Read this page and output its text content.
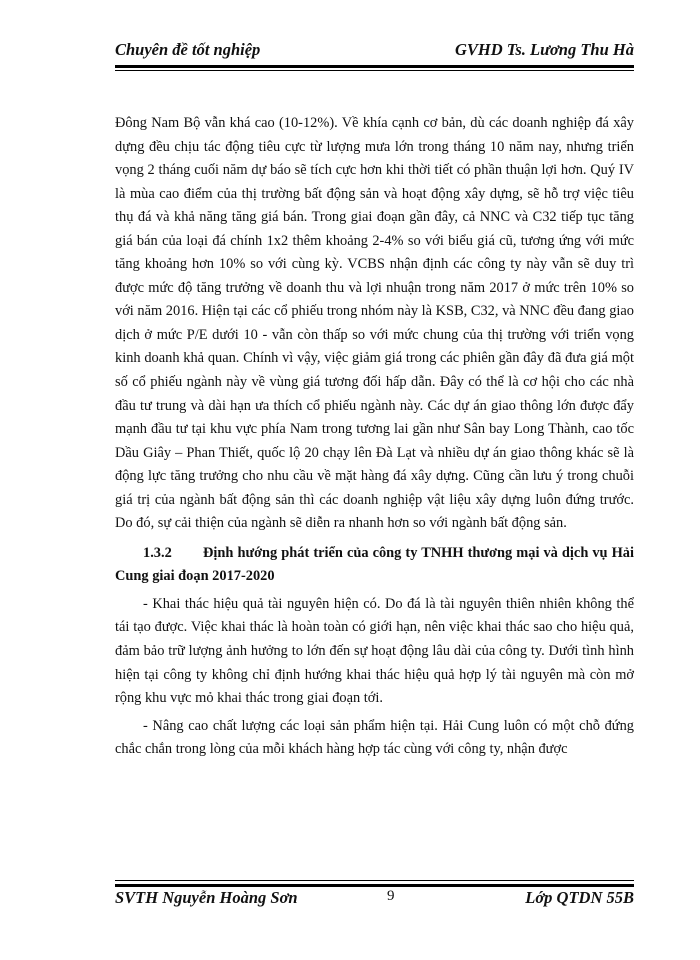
Chuyên đề tốt nghiệp	GVHD Ts. Lương Thu Hà

Đông Nam Bộ vẫn khá cao (10-12%). Về khía cạnh cơ bản, dù các doanh nghiệp đá xây dựng đều chịu tác động tiêu cực từ lượng mưa lớn trong tháng 10 năm nay, nhưng triển vọng 2 tháng cuối năm dự báo sẽ tích cực hơn khi thời tiết có phần thuận lợi hơn. Quý IV là mùa cao điểm của thị trường bất động sản và hoạt động xây dựng, sẽ hỗ trợ việc tiêu thụ đá và khả năng tăng giá bán. Trong giai đoạn gần đây, cả NNC và C32 tiếp tục tăng giá bán của loại đá chính 1x2 thêm khoảng 2-4% so với biểu giá cũ, tương ứng với mức tăng khoảng hơn 10% so với cùng kỳ. VCBS nhận định các công ty này vẫn sẽ duy trì được mức độ tăng trưởng về doanh thu và lợi nhuận trong năm 2017 ở mức trên 10% so với năm 2016. Hiện tại các cổ phiếu trong nhóm này là KSB, C32, và NNC đều đang giao dịch ở mức P/E dưới 10 - vẫn còn thấp so với mức chung của thị trường với triển vọng kinh doanh khả quan. Chính vì vậy, việc giảm giá trong các phiên gần đây đã đưa giá một số cổ phiếu ngành này về vùng giá tương đối hấp dẫn. Đây có thể là cơ hội cho các nhà đầu tư trung và dài hạn ưa thích cổ phiếu ngành này. Các dự án giao thông lớn được đẩy mạnh đầu tư tại khu vực phía Nam trong tương lai gần như Sân bay Long Thành, cao tốc Dầu Giây – Phan Thiết, quốc lộ 20 chạy lên Đà Lạt và nhiều dự án giao thông khác sẽ là động lực tăng trưởng cho nhu cầu về mặt hàng đá xây dựng. Cũng cần lưu ý trong chuỗi giá trị của ngành bất động sản thì các doanh nghiệp vật liệu xây dựng luôn đứng trước. Do đó, sự cải thiện của ngành sẽ diễn ra nhanh hơn so với ngành bất động sản.

1.3.2 Định hướng phát triển của công ty TNHH thương mại và dịch vụ Hải Cung giai đoạn 2017-2020

- Khai thác hiệu quả tài nguyên hiện có. Do đá là tài nguyên thiên nhiên không thể tái tạo được. Việc khai thác là hoàn toàn có giới hạn, nên việc khai thác sao cho hiệu quả, đảm bảo trữ lượng ảnh hưởng to lớn đến sự hoạt động lâu dài của công ty. Dưới tình hình hiện tại công ty không chỉ định hướng khai thác hiệu quả hợp lý tài nguyên mà còn mở rộng khu vực mỏ khai thác trong giai đoạn tới.

- Nâng cao chất lượng các loại sản phẩm hiện tại. Hải Cung luôn có một chỗ đứng chắc chắn trong lòng của mỗi khách hàng hợp tác cùng với công ty, nhận được

SVTH Nguyễn Hoàng Sơn	9	Lớp QTDN 55B
